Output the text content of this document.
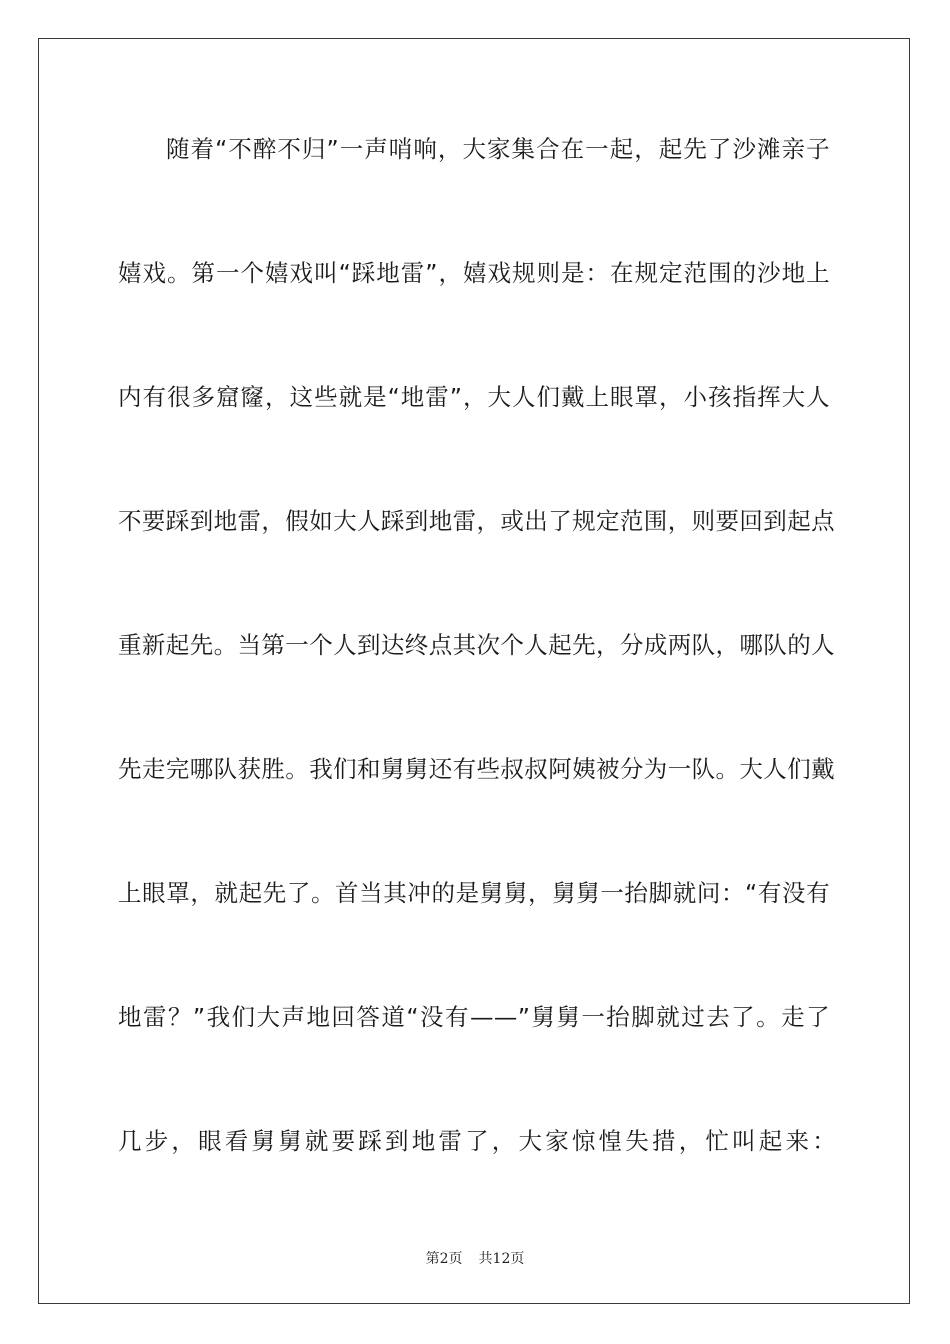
随着“不醉不归”一声哨响，大家集合在一起，起先了沙滩亲子
嬉戏。第一个嬉戏叫“踩地雷”，嬉戏规则是：在规定范围的沙地上
内有很多窟窿，这些就是“地雷”，大人们戴上眼罩，小孩指挥大人
不要踩到地雷，假如大人踩到地雷，或出了规定范围，则要回到起点
重新起先。当第一个人到达终点其次个人起先，分成两队，哪队的人
先走完哪队获胜。我们和舅舅还有些叔叔阿姨被分为一队。大人们戴
上眼罩，就起先了。首当其冲的是舅舅，舅舅一抬脚就问：“有没有
地雷？”我们大声地回答道“没有——”舅舅一抬脚就过去了。走了
几步，眼看舅舅就要踩到地雷了，大家惊惶失措，忙叫起来：
第2页 共12页
